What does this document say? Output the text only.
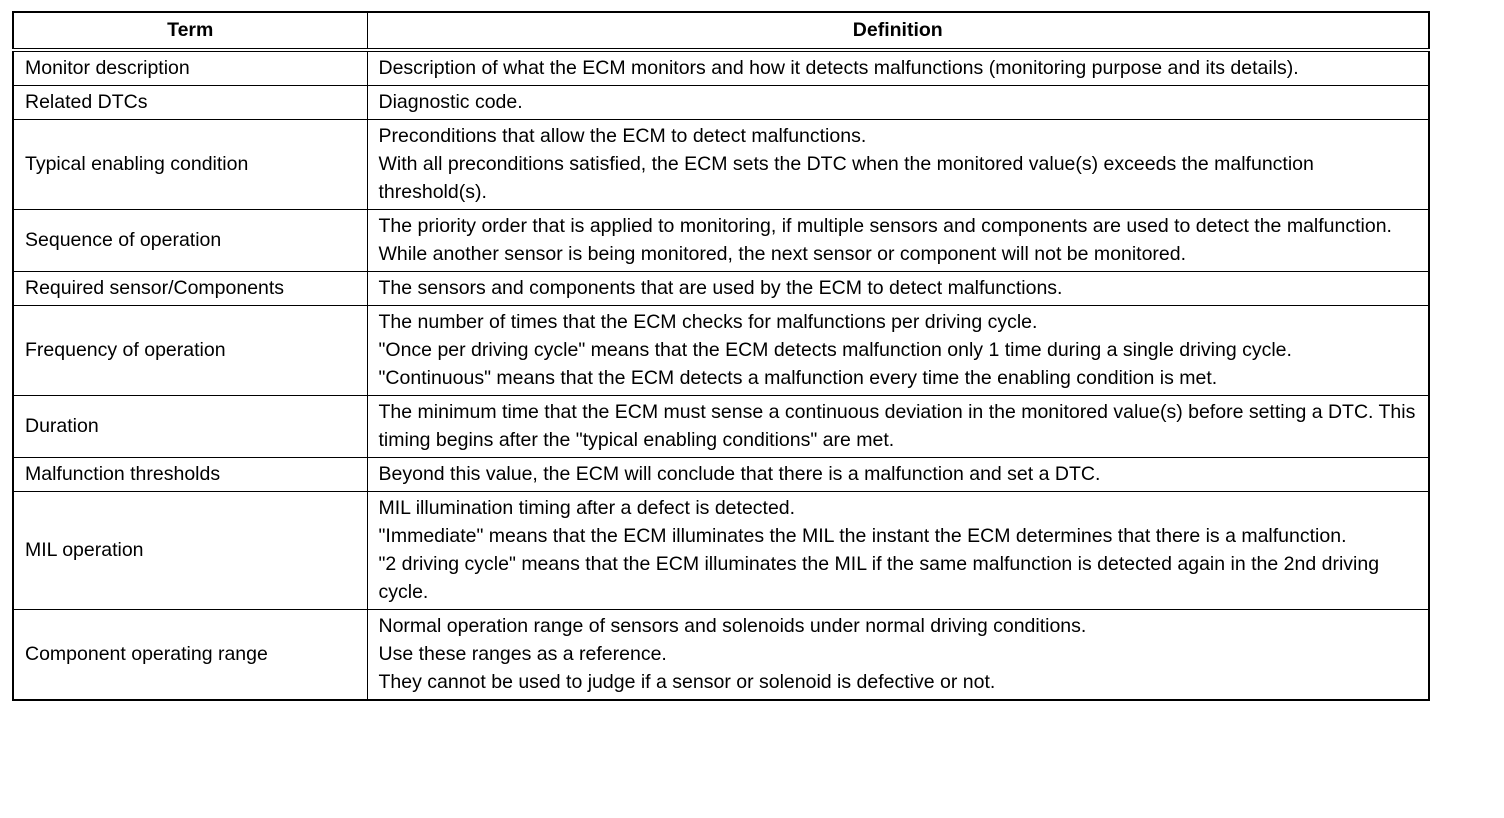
Term	Definition
Monitor description	Description of what the ECM monitors and how it detects malfunctions (monitoring purpose and its details).

Related DTCs	Diagnostic code.

Typical enabling condition	Preconditions that allow the ECM to detect malfunctions.
With all preconditions satisfied, the ECM sets the DTC when the monitored value(s) exceeds the malfunction threshold(s).

Sequence of operation	The priority order that is applied to monitoring, if multiple sensors and components are used to detect the malfunction.
While another sensor is being monitored, the next sensor or component will not be monitored.

Required sensor/Components	The sensors and components that are used by the ECM to detect malfunctions.

Frequency of operation	The number of times that the ECM checks for malfunctions per driving cycle.
"Once per driving cycle" means that the ECM detects malfunction only 1 time during a single driving cycle.
"Continuous" means that the ECM detects a malfunction every time the enabling condition is met.

Duration	The minimum time that the ECM must sense a continuous deviation in the monitored value(s) before setting a DTC. This timing begins after the "typical enabling conditions" are met.

Malfunction thresholds	Beyond this value, the ECM will conclude that there is a malfunction and set a DTC.

MIL operation	MIL illumination timing after a defect is detected.
"Immediate" means that the ECM illuminates the MIL the instant the ECM determines that there is a malfunction.
"2 driving cycle" means that the ECM illuminates the MIL if the same malfunction is detected again in the 2nd driving cycle.

Component operating range	Normal operation range of sensors and solenoids under normal driving conditions.
Use these ranges as a reference.
They cannot be used to judge if a sensor or solenoid is defective or not.
